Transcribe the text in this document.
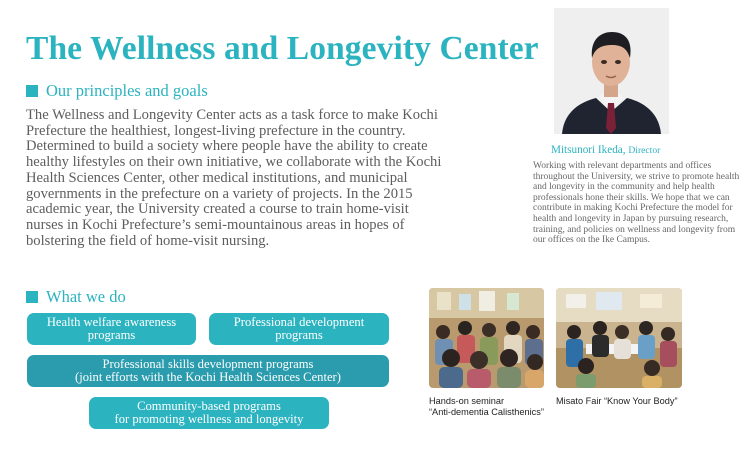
The Wellness and Longevity Center
Our principles and goals

The Wellness and Longevity Center acts as a task force to make Kochi Prefecture the healthiest, longest-living prefecture in the country. Determined to build a society where people have the ability to create healthy lifestyles on their own initiative, we collaborate with the Kochi Health Sciences Center, other medical institutions, and municipal governments in the prefecture on a variety of projects. In the 2015 academic year, the University created a course to train home-visit nurses in Kochi Prefecture’s semi-mountainous areas in hopes of bolstering the field of home-visit nursing.

What we do
Health welfare awareness
programs
Professional development
programs
Professional skills development programs
(joint efforts with the Kochi Health Sciences Center)
Community-based programs
for promoting wellness and longevity
Mitsunori Ikeda, Director

Working with relevant departments and offices throughout the University, we strive to promote health and longevity in the community and help health professionals hone their skills. We hope that we can contribute in making Kochi Prefecture the model for health and longevity in Japan by pursuing research, training, and policies on wellness and longevity from our offices on the Ike Campus.

Hands-on seminar
“Anti-dementia Calisthenics”
Misato Fair “Know Your Body”
